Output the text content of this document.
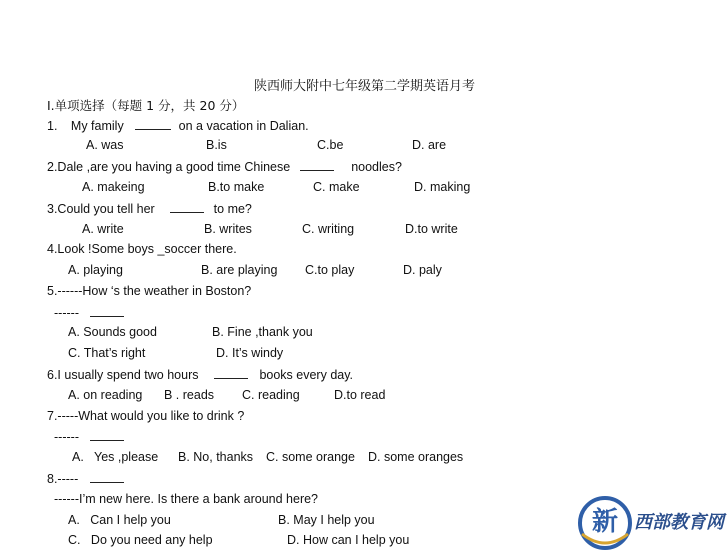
陕西师大附中七年级第二学期英语月考
I.单项选择（每题 1 分，共 20 分）
1. My family	on a vacation in Dalian.
A. was	B.is	C.be	D. are
2.Dale ,are you having a good time Chinese	noodles?
A. makeing	B.to make	C. make	D. making
3.Could you tell her	to me?
A. write	B. writes	C. writing	D.to write
4.Look !Some boys _soccer there.
A. playing	B. are playing C.to play	D. paly
5.------How ‘s the weather in Boston?
------
A. Sounds good	B. Fine ,thank you
C. That’s right	D. It’s windy
6.I usually spend two hours	books every day.
A. on reading B . reads C. reading	D.to read
7.-----What would you like to drink ?
------
A.   Yes ,please B. No, thanks C. some orange D. some oranges
8.-----
------I’m new here. Is there a bank around here?
A.   Can I help you	B. May I help you
C.   Do you need any help	D. How can I help you
新 西部教育网
